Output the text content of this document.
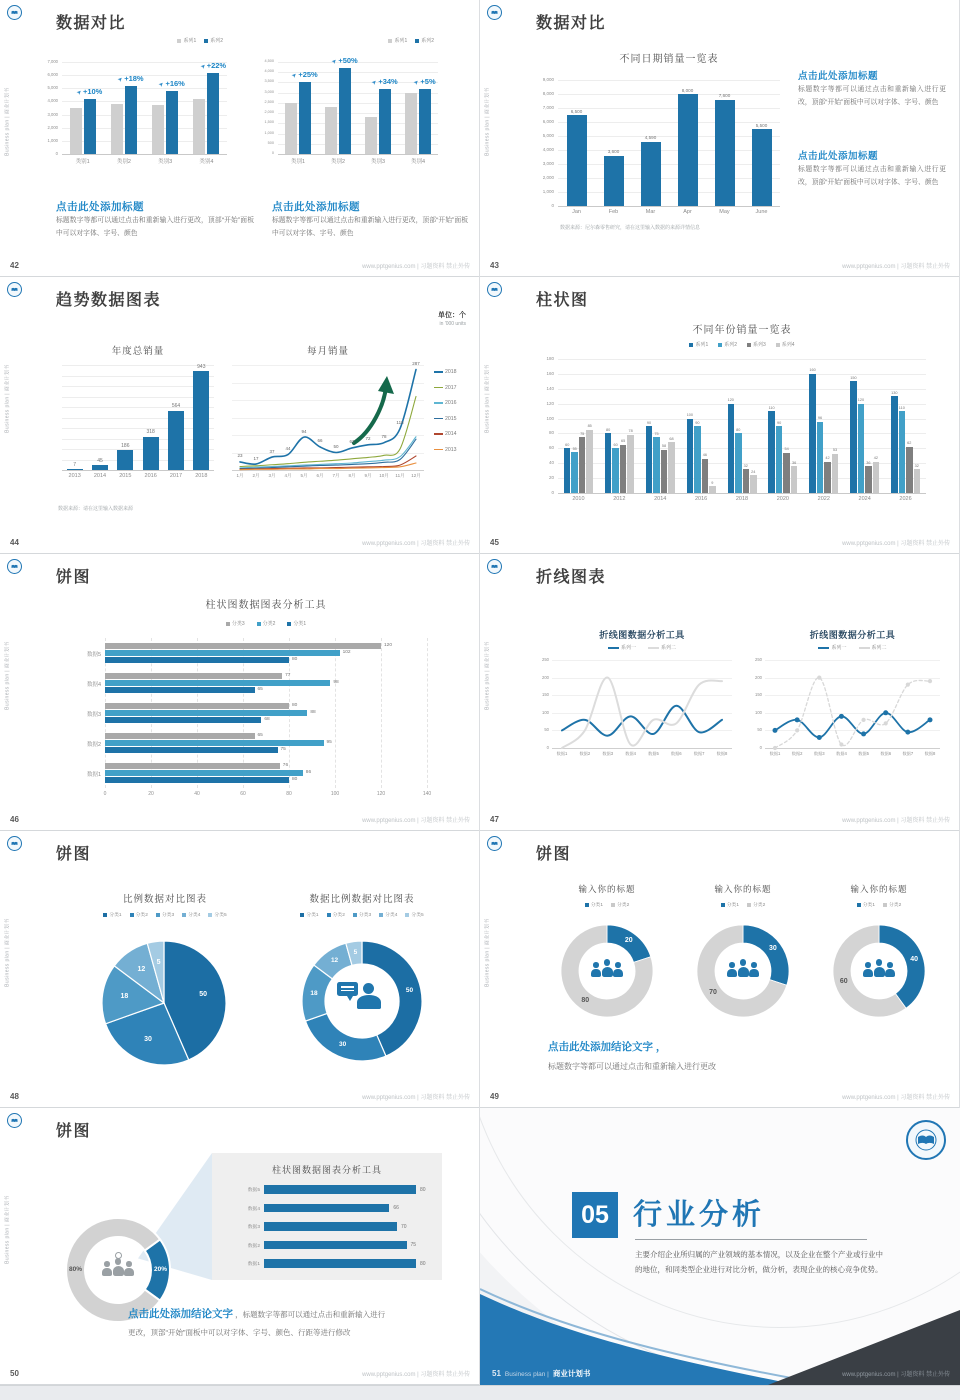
Business plan | 商业计划书
数据对比
系列1	系列2	系列1	系列2
0
1,000
2,000
3,000
4,000
5,000
6,000
7,000
类别1
➤+10%
类别2
➤+18%
类别3
➤+16%
类别4
➤+22%
0
500
1,000
1,500
2,000
2,500
3,000
3,500
4,000
4,500
类别1
➤+25%
类别2
➤+50%
类别3
➤+34%
类别4
➤+5%
点击此处添加标题
标题数字等都可以通过点击和重新输入进行更改，顶部“开始”面板中可以对字体、字号、颜色
点击此处添加标题
标题数字等都可以通过点击和重新输入进行更改，顶部“开始”面板中可以对字体、字号、颜色
42	www.pptgenius.com | 习题资料 禁止外传
Business plan | 商业计划书
数据对比
不同日期销量一览表
0
1,000
2,000
3,000
4,000
5,000
6,000
7,000
8,000
9,000
Jan
6,500
Feb
3,600
Mar
4,590
Apr
8,000
May
7,600
June
5,500
数据来源：尼尔森零售研究，请在这里输入数据的来源详情信息
点击此处添加标题
标题数字等都可以通过点击和重新输入进行更改，顶部“开始”面板中可以对字体、字号、颜色
点击此处添加标题
标题数字等都可以通过点击和重新输入进行更改，顶部“开始”面板中可以对字体、字号、颜色
43	www.pptgenius.com | 习题资料 禁止外传
Business plan | 商业计划书
趋势数据图表
单位：个
in '000 units
年度总销量
2013
7
2014
45
2015
186
2016
318
2017
564
2018
943
每月销量
23	17
37	44
94
66
50
63
72	78
118
287
1月	2月	3月	4月	5月	6月	7月	8月	9月	10月	11月	12月
2018
2017
2016
2015
2014
2013
数据来源：请在这里输入数据来源
44	www.pptgenius.com | 习题资料 禁止外传
Business plan | 商业计划书
柱状图
不同年份销量一览表
系列1	系列2	系列3	系列4
0
20
40
60
80
100
120
140
160
180
2010
60
55
75
85
2012
80
60
65
78
2014
90
75
58
68
2016
100
90
46
9
2018
120
80
32
24
2020
110
90
54
36
2022
160
96
42
53
2024
150
120
36
42
2026
130
110
62
32
45	www.pptgenius.com | 习题资料 禁止外传
Business plan | 商业计划书
饼图
柱状图数据图表分析工具
分类3	分类2	分类1
0	20	40	60	80	100	120	140
数据5
120
102
80
数据4
77
98
65
数据3
80
88
68
数据2
65
95
75
数据1
76
86
80
46	www.pptgenius.com | 习题资料 禁止外传
Business plan | 商业计划书
折线图表
折线图数据分析工具
系列一	系列二
0
50
100
150
200
250
数据1	数据2	数据3	数据4	数据5	数据6	数据7	数据8
折线图数据分析工具
系列一	系列二
0
50
100
150
200
250
数据1	数据2	数据3	数据4	数据5	数据6	数据7	数据8
47	www.pptgenius.com | 习题资料 禁止外传
Business plan | 商业计划书
饼图
比例数据对比图表
分类1	分类2	分类3	分类4	分类5
50
30
18
12
5
数据比例数据对比图表
分类1	分类2	分类3	分类4	分类5
50
30
18
12
5
48	www.pptgenius.com | 习题资料 禁止外传
Business plan | 商业计划书
饼图
输入你的标题	输入你的标题	输入你的标题
分类1	分类2	分类1	分类2	分类1	分类2
20
80
30
70
40
60
点击此处添加结论文字 ，
标题数字等都可以通过点击和重新输入进行更改
49	www.pptgenius.com | 习题资料 禁止外传
Business plan | 商业计划书
饼图
柱状图数据图表分析工具
数据5	80
数据4	66
数据3	70
数据2	75
数据1	80
20%
80%
点击此处添加结论文字 ，标题数字等都可以通过点击和重新输入进行
更改，顶部“开始”面板中可以对字体、字号、颜色、行距等进行修改
50	www.pptgenius.com | 习题资料 禁止外传
05 行业分析
主要介绍企业所归属的产业领域的基本情况，以及企业在整个产业或行业中的地位，和同类型企业进行对比分析，做分析，表现企业的核心竞争优势。
51 Business plan | 商业计划书	www.pptgenius.com | 习题资料 禁止外传
